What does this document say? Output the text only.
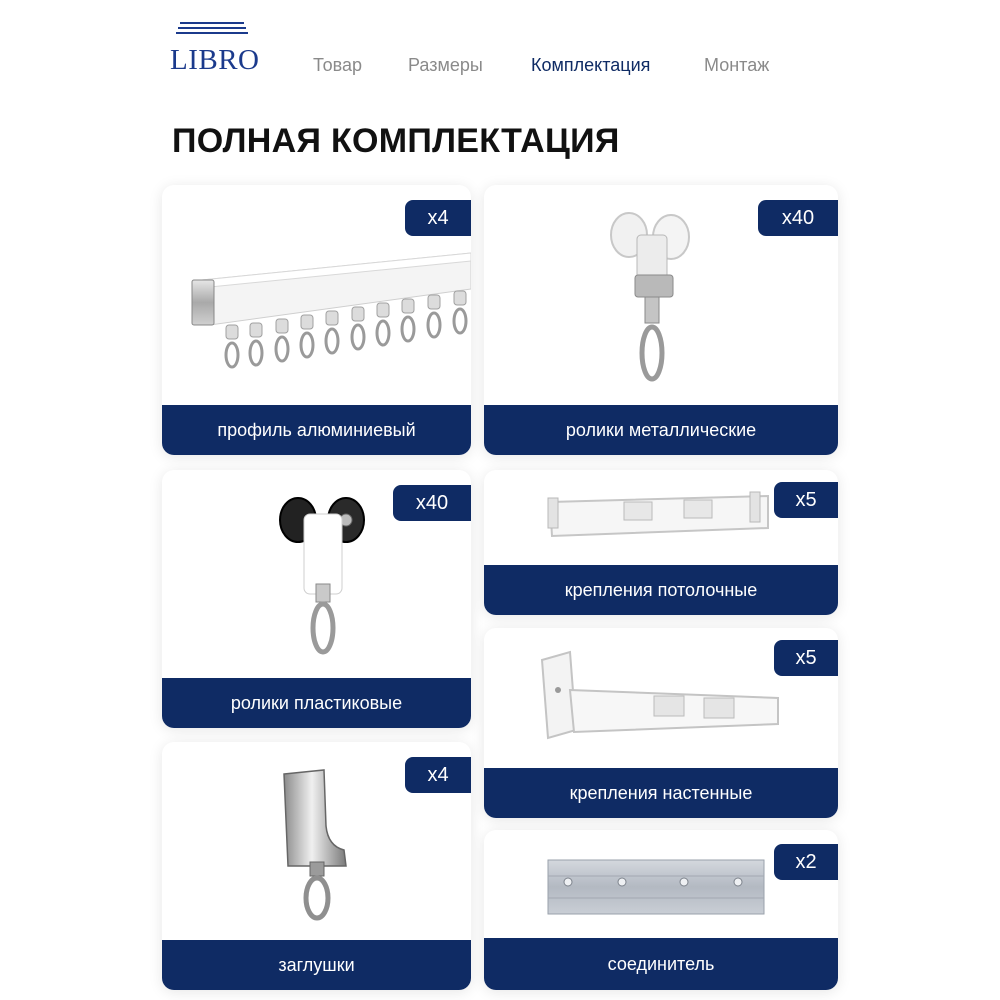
LIBRO	Товар	Размеры	Комплектация	Монтаж
ПОЛНАЯ КОМПЛЕКТАЦИЯ
x4
профиль алюминиевый
x40
ролики металлические
x40
ролики пластиковые
x5
крепления потолочные
x5
крепления настенные
x4
заглушки
x2
соединитель
